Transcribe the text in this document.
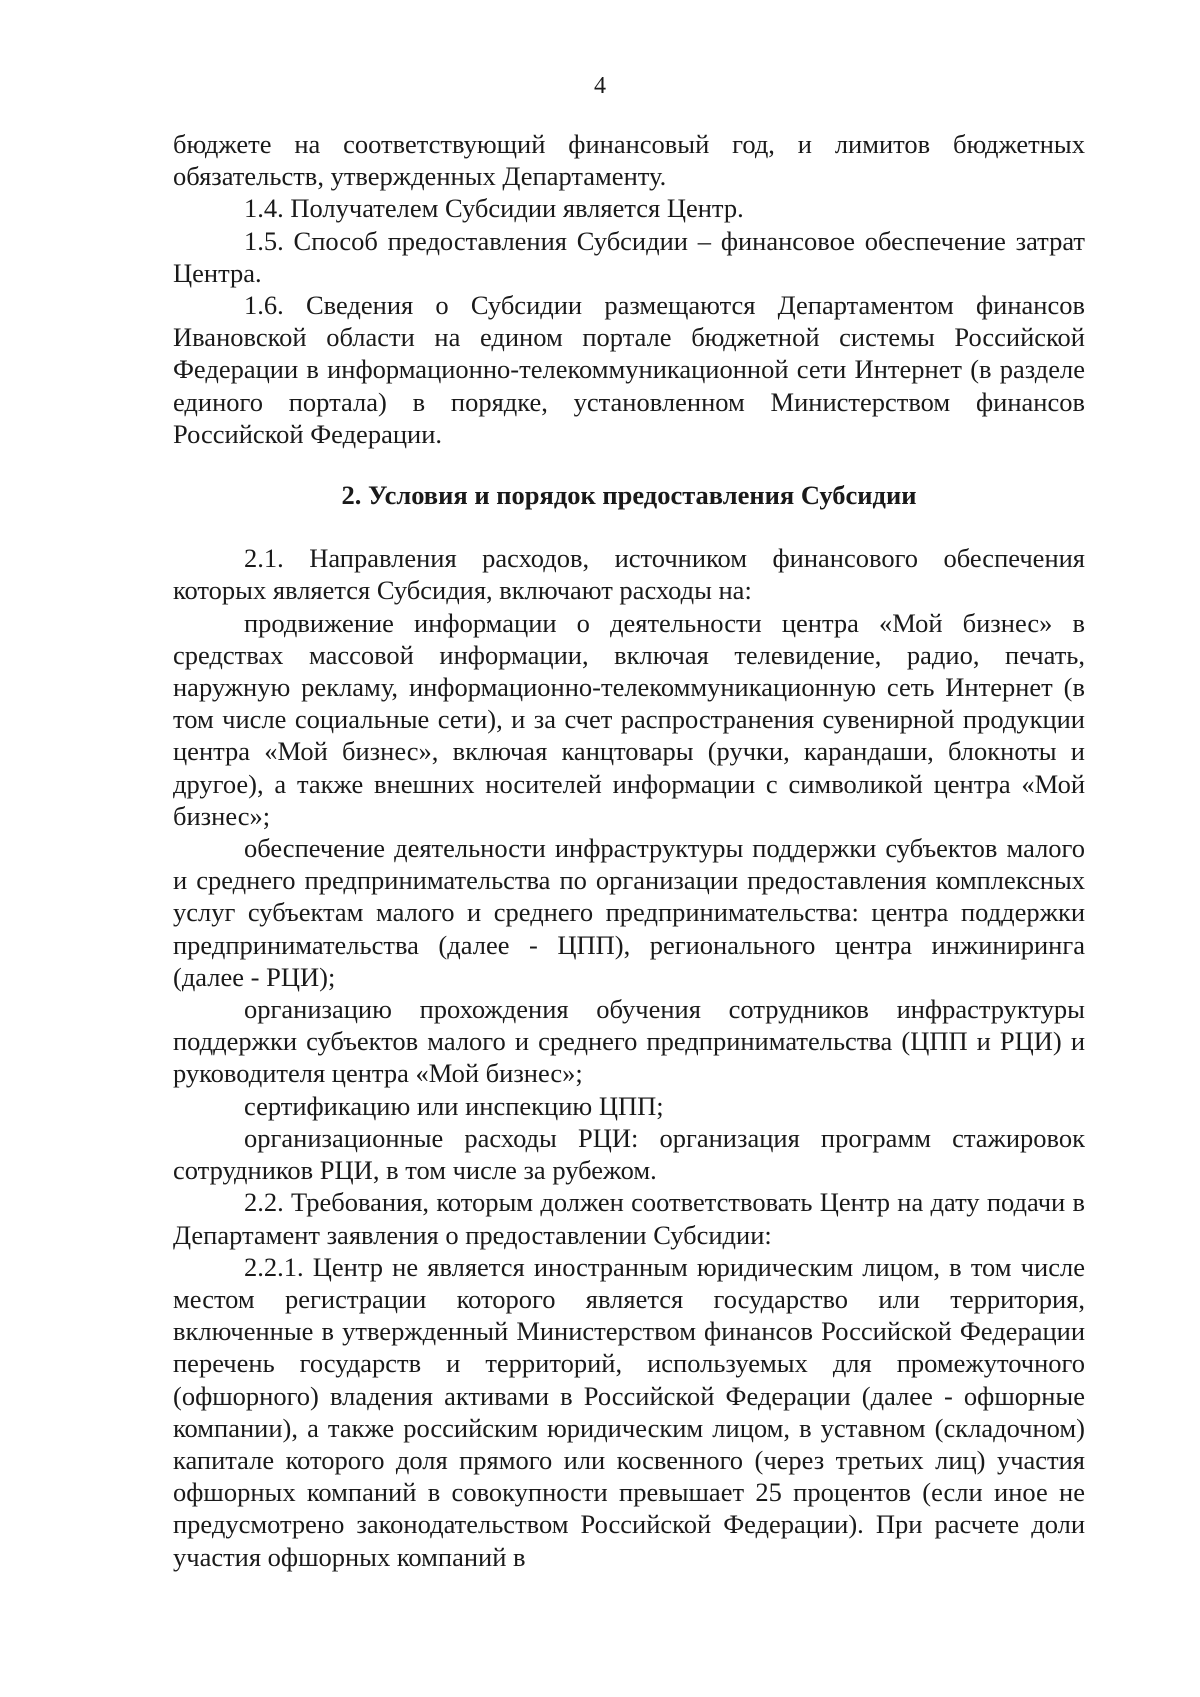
4

бюджете на соответствующий финансовый год, и лимитов бюджетных обязательств, утвержденных Департаменту.

1.4. Получателем Субсидии является Центр.

1.5. Способ предоставления Субсидии – финансовое обеспечение затрат Центра.

1.6. Сведения о Субсидии размещаются Департаментом финансов Ивановской области на едином портале бюджетной системы Российской Федерации в информационно-телекоммуникационной сети Интернет (в разделе единого портала) в порядке, установленном Министерством финансов Российской Федерации.

2. Условия и порядок предоставления Субсидии

2.1. Направления расходов, источником финансового обеспечения которых является Субсидия, включают расходы на:

продвижение информации о деятельности центра «Мой бизнес» в средствах массовой информации, включая телевидение, радио, печать, наружную рекламу, информационно-телекоммуникационную сеть Интернет (в том числе социальные сети), и за счет распространения сувенирной продукции центра «Мой бизнес», включая канцтовары (ручки, карандаши, блокноты и другое), а также внешних носителей информации с символикой центра «Мой бизнес»;

обеспечение деятельности инфраструктуры поддержки субъектов малого и среднего предпринимательства по организации предоставления комплексных услуг субъектам малого и среднего предпринимательства: центра поддержки предпринимательства (далее - ЦПП), регионального центра инжиниринга (далее - РЦИ);

организацию прохождения обучения сотрудников инфраструктуры поддержки субъектов малого и среднего предпринимательства (ЦПП и РЦИ) и руководителя центра «Мой бизнес»;

сертификацию или инспекцию ЦПП;

организационные расходы РЦИ: организация программ стажировок сотрудников РЦИ, в том числе за рубежом.

2.2. Требования, которым должен соответствовать Центр на дату подачи в Департамент заявления о предоставлении Субсидии:

2.2.1. Центр не является иностранным юридическим лицом, в том числе местом регистрации которого является государство или территория, включенные в утвержденный Министерством финансов Российской Федерации перечень государств и территорий, используемых для промежуточного (офшорного) владения активами в Российской Федерации (далее - офшорные компании), а также российским юридическим лицом, в уставном (складочном) капитале которого доля прямого или косвенного (через третьих лиц) участия офшорных компаний в совокупности превышает 25 процентов (если иное не предусмотрено законодательством Российской Федерации). При расчете доли участия офшорных компаний в
